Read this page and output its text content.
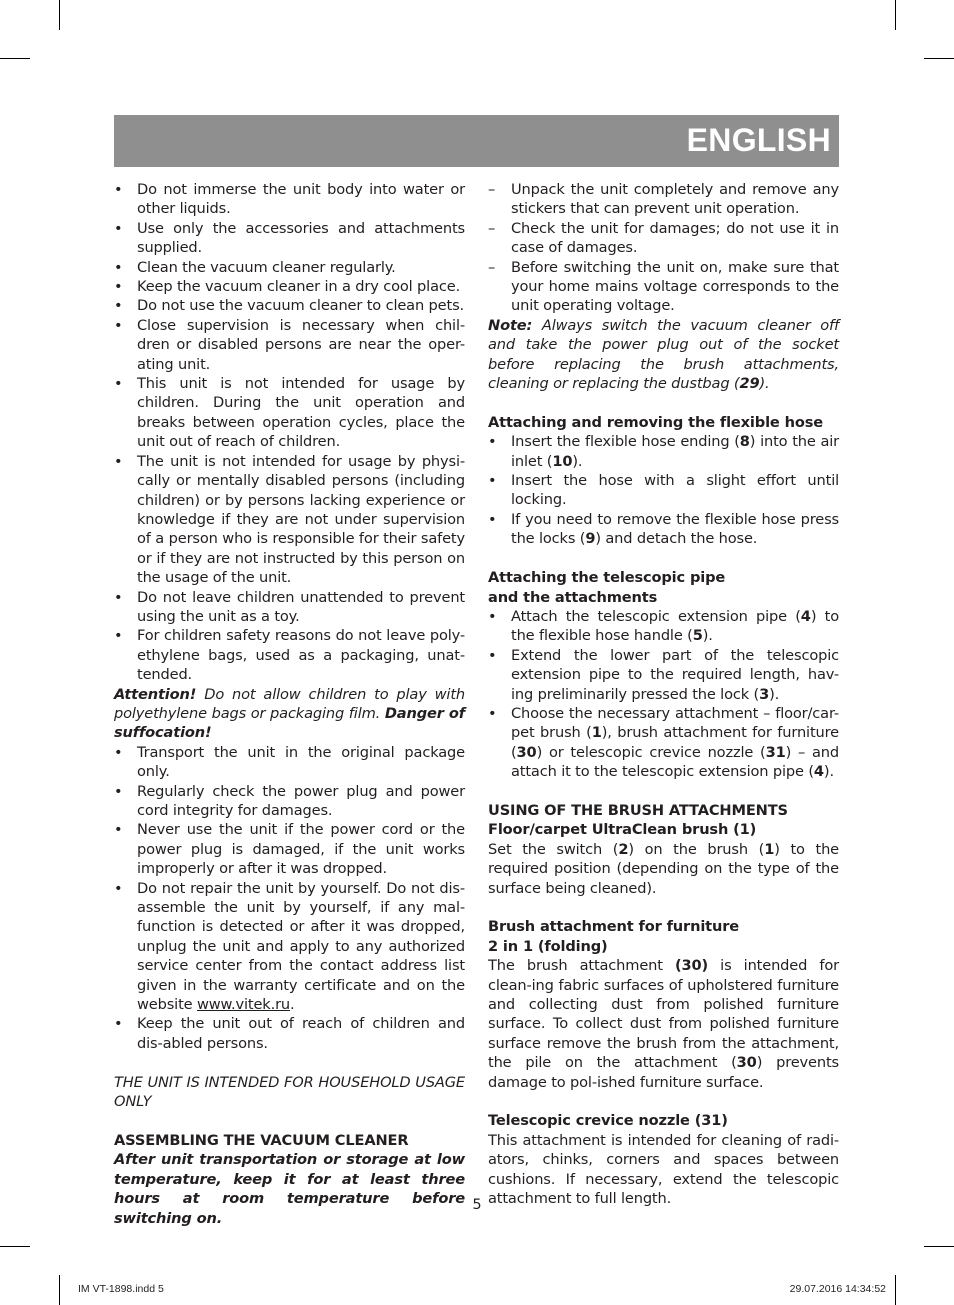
ENGLISH
• Do not immerse the unit body into water or other liquids.
• Use only the accessories and attachments supplied.
• Clean the vacuum cleaner regularly.
• Keep the vacuum cleaner in a dry cool place.
• Do not use the vacuum cleaner to clean pets.
• Close supervision is necessary when chil-dren or disabled persons are near the oper-ating unit.
• This unit is not intended for usage by children. During the unit operation and breaks between operation cycles, place the unit out of reach of children.
• The unit is not intended for usage by physi-cally or mentally disabled persons (including children) or by persons lacking experience or knowledge if they are not under supervision of a person who is responsible for their safety or if they are not instructed by this person on the usage of the unit.
• Do not leave children unattended to prevent using the unit as a toy.
• For children safety reasons do not leave poly-ethylene bags, used as a packaging, unat-tended.

Attention! Do not allow children to play with polyethylene bags or packaging film. Danger of suffocation!

• Transport the unit in the original package only.
• Regularly check the power plug and power cord integrity for damages.
• Never use the unit if the power cord or the power plug is damaged, if the unit works improperly or after it was dropped.
• Do not repair the unit by yourself. Do not dis-assemble the unit by yourself, if any mal-function is detected or after it was dropped, unplug the unit and apply to any authorized service center from the contact address list given in the warranty certificate and on the website www.vitek.ru.
• Keep the unit out of reach of children and dis-abled persons.

THE UNIT IS INTENDED FOR HOUSEHOLD USAGE ONLY

ASSEMBLING THE VACUUM CLEANER

After unit transportation or storage at low temperature, keep it for at least three hours at room temperature before switching on.

– Unpack the unit completely and remove any stickers that can prevent unit operation.
– Check the unit for damages; do not use it in case of damages.
– Before switching the unit on, make sure that your home mains voltage corresponds to the unit operating voltage.

Note: Always switch the vacuum cleaner off and take the power plug out of the socket before replacing the brush attachments, cleaning or replacing the dustbag (29).

Attaching and removing the flexible hose

• Insert the flexible hose ending (8) into the air inlet (10).
• Insert the hose with a slight effort until locking.
• If you need to remove the flexible hose press the locks (9) and detach the hose.

Attaching the telescopic pipe
and the attachments

• Attach the telescopic extension pipe (4) to the flexible hose handle (5).
• Extend the lower part of the telescopic extension pipe to the required length, hav-ing preliminarily pressed the lock (3).
• Choose the necessary attachment – floor/car-pet brush (1), brush attachment for furniture (30) or telescopic crevice nozzle (31) – and attach it to the telescopic extension pipe (4).

USING OF THE BRUSH ATTACHMENTS

Floor/carpet UltraClean brush (1)

Set the switch (2) on the brush (1) to the required position (depending on the type of the surface being cleaned).

Brush attachment for furniture
2 in 1 (folding)

The brush attachment (30) is intended for clean-ing fabric surfaces of upholstered furniture and collecting dust from polished furniture surface. To collect dust from polished furniture surface remove the brush from the attachment, the pile on the attachment (30) prevents damage to pol-ished furniture surface.

Telescopic crevice nozzle (31)

This attachment is intended for cleaning of radi-ators, chinks, corners and spaces between cushions. If necessary, extend the telescopic attachment to full length.

5
IM VT-1898.indd 5	29.07.2016 14:34:52
